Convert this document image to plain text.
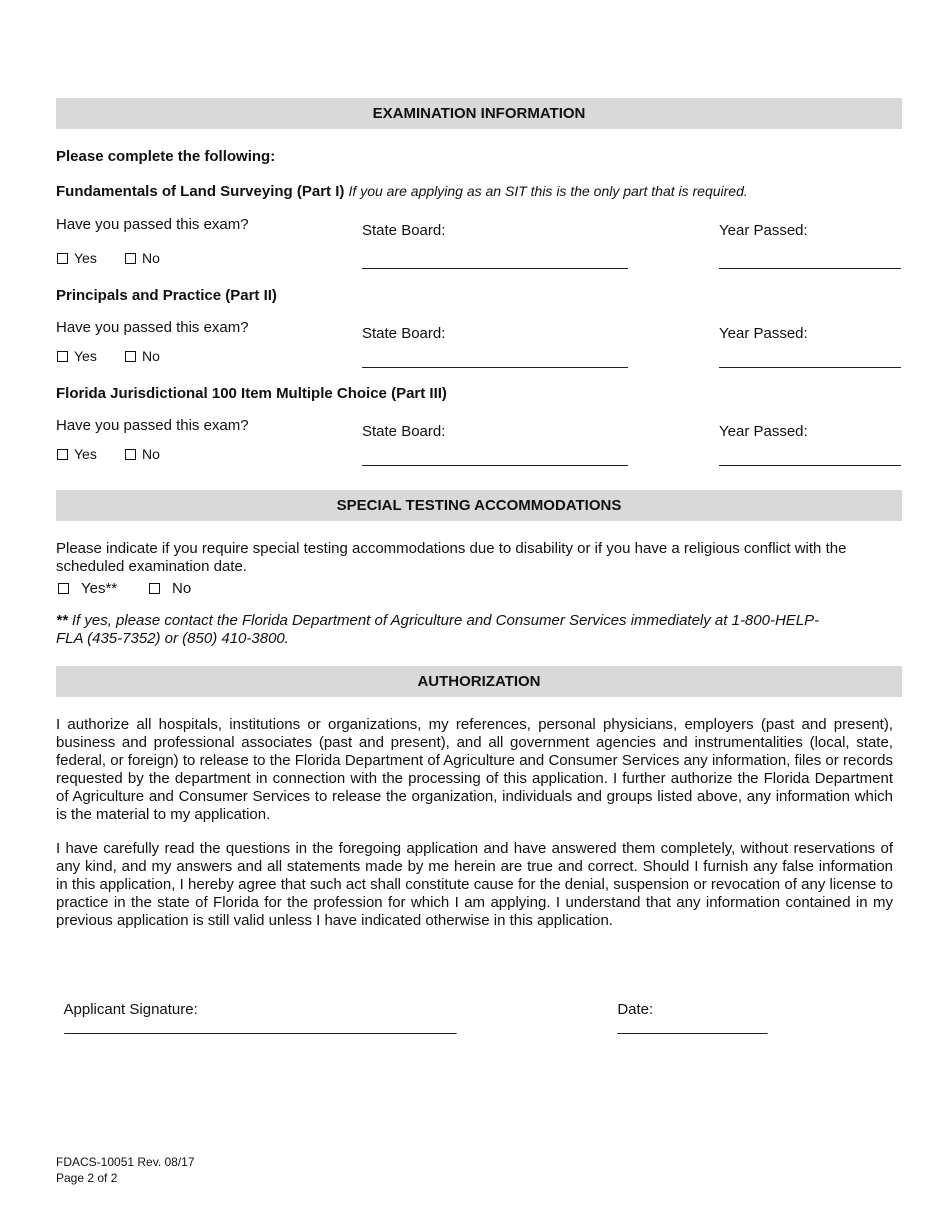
EXAMINATION INFORMATION
Please complete the following:
Fundamentals of Land Surveying (Part I) If you are applying as an SIT this is the only part that is required.
Have you passed this exam?
Yes	No
State Board:	Year Passed:
Principals and Practice (Part II)
Have you passed this exam?
Yes	No
State Board:	Year Passed:
Florida Jurisdictional 100 Item Multiple Choice (Part III)
Have you passed this exam?
Yes	No
State Board:	Year Passed:
SPECIAL TESTING ACCOMMODATIONS
Please indicate if you require special testing accommodations due to disability or if you have a religious conflict with the scheduled examination date.
Yes**	No
** If yes, please contact the Florida Department of Agriculture and Consumer Services immediately at 1-800-HELP-
FLA (435-7352) or (850) 410-3800.
AUTHORIZATION
I authorize all hospitals, institutions or organizations, my references, personal physicians, employers (past and present), business and professional associates (past and present), and all government agencies and instrumentalities (local, state, federal, or foreign) to release to the Florida Department of Agriculture and Consumer Services any information, files or records requested by the department in connection with the processing of this application. I further authorize the Florida Department of Agriculture and Consumer Services to release the organization, individuals and groups listed above, any information which is the material to my application.
I have carefully read the questions in the foregoing application and have answered them completely, without reservations of any kind, and my answers and all statements made by me herein are true and correct. Should I furnish any false information in this application, I hereby agree that such act shall constitute cause for the denial, suspension or revocation of any license to practice in the state of Florida for the profession for which I am applying. I understand that any information contained in my previous application is still valid unless I have indicated otherwise in this application.

Applicant Signature:
_______________________________________________

Date:
__________________

FDACS-10051 Rev. 08/17
Page 2 of 2
